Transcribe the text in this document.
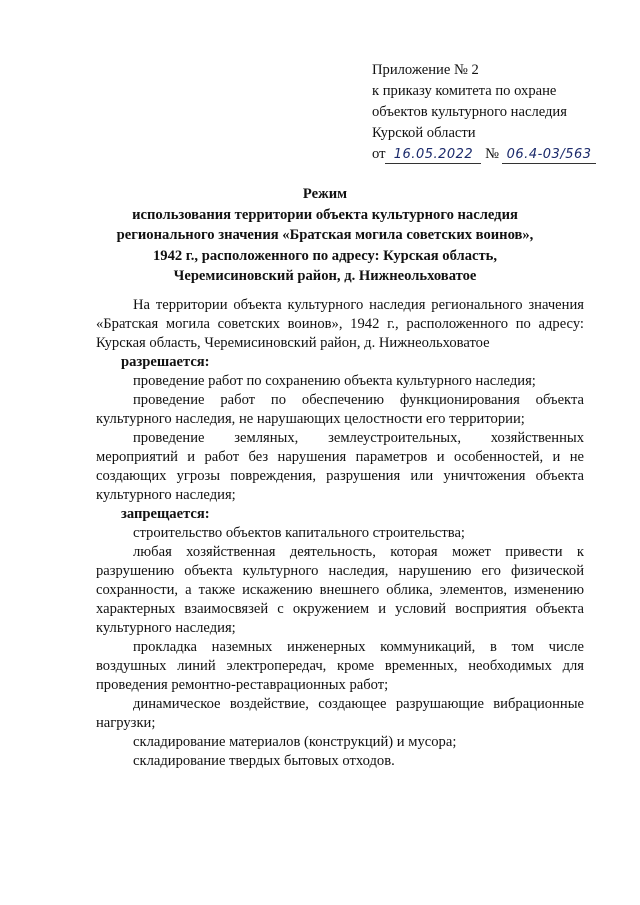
Приложение № 2
к приказу комитета по охране
объектов культурного наследия
Курской области
от 16.05.2022 № 06.4-03/563
Режим
использования территории объекта культурного наследия
регионального значения «Братская могила советских воинов»,
1942 г., расположенного по адресу: Курская область,
Черемисиновский район, д. Нижнеольховатое

На территории объекта культурного наследия регионального значения «Братская могила советских воинов», 1942 г., расположенного по адресу: Курская область, Черемисиновский район, д. Нижнеольховатое

разрешается:

проведение работ по сохранению объекта культурного наследия;

проведение работ по обеспечению функционирования объекта культурного наследия, не нарушающих целостности его территории;

проведение земляных, землеустроительных, хозяйственных мероприятий и работ без нарушения параметров и особенностей, и не создающих угрозы повреждения, разрушения или уничтожения объекта культурного наследия;

запрещается:

строительство объектов капитального строительства;

любая хозяйственная деятельность, которая может привести к разрушению объекта культурного наследия, нарушению его физической сохранности, а также искажению внешнего облика, элементов, изменению характерных взаимосвязей с окружением и условий восприятия объекта культурного наследия;

прокладка наземных инженерных коммуникаций, в том числе воздушных линий электропередач, кроме временных, необходимых для проведения ремонтно-реставрационных работ;

динамическое воздействие, создающее разрушающие вибрационные нагрузки;

складирование материалов (конструкций) и мусора;

складирование твердых бытовых отходов.
